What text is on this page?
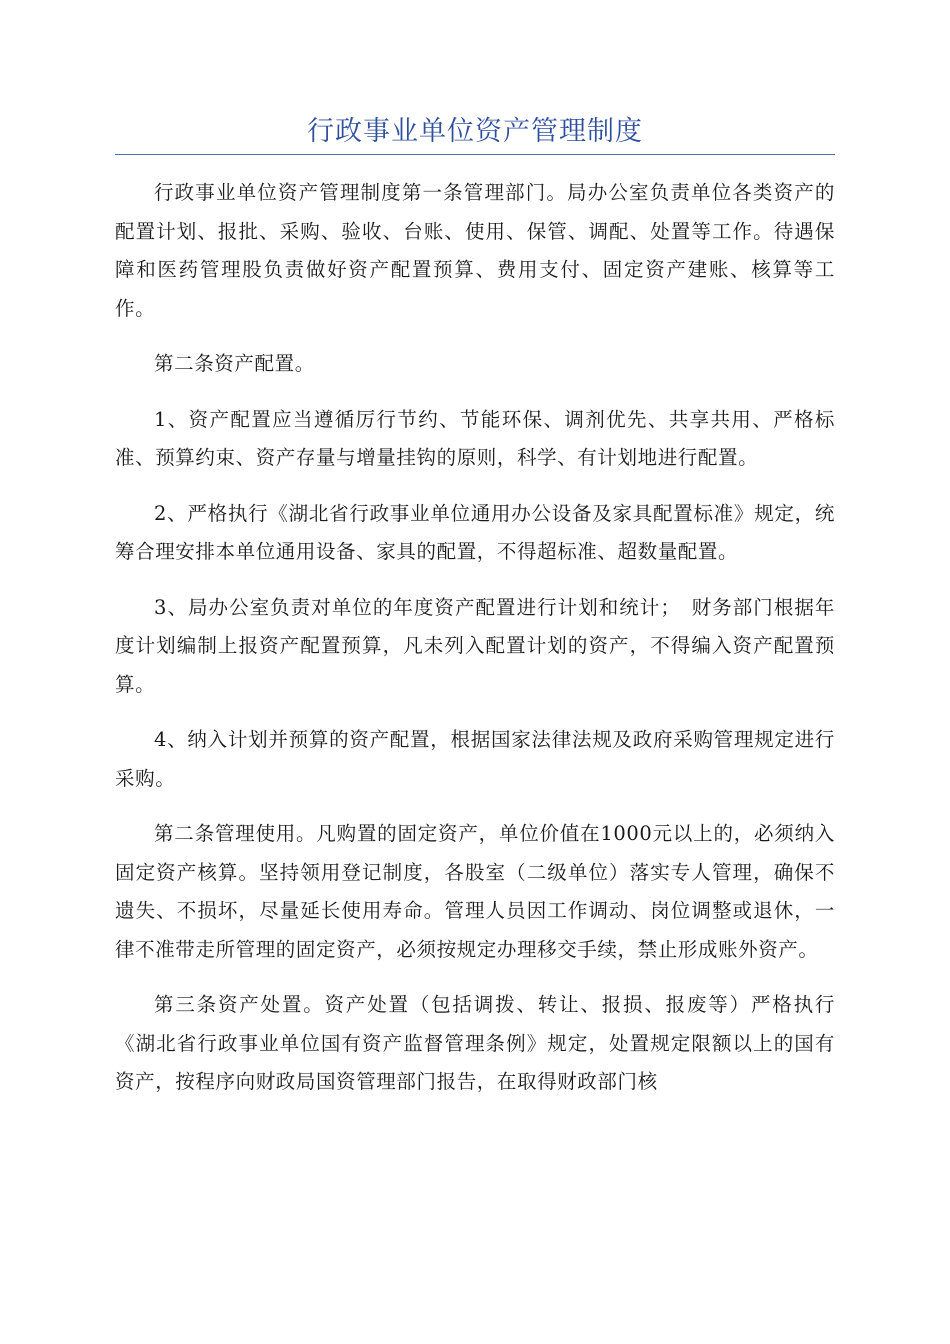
行政事业单位资产管理制度

行政事业单位资产管理制度第一条管理部门。局办公室负责单位各类资产的配置计划、报批、采购、验收、台账、使用、保管、调配、处置等工作。待遇保障和医药管理股负责做好资产配置预算、费用支付、固定资产建账、核算等工作。

第二条资产配置。

1、资产配置应当遵循厉行节约、节能环保、调剂优先、共享共用、严格标准、预算约束、资产存量与增量挂钩的原则，科学、有计划地进行配置。

2、严格执行《湖北省行政事业单位通用办公设备及家具配置标准》规定，统筹合理安排本单位通用设备、家具的配置，不得超标准、超数量配置。

3、局办公室负责对单位的年度资产配置进行计划和统计；　财务部门根据年度计划编制上报资产配置预算，凡未列入配置计划的资产，不得编入资产配置预算。

4、纳入计划并预算的资产配置，根据国家法律法规及政府采购管理规定进行采购。

第二条管理使用。凡购置的固定资产，单位价值在1000元以上的，必须纳入固定资产核算。坚持领用登记制度，各股室（二级单位）落实专人管理，确保不遗失、不损坏，尽量延长使用寿命。管理人员因工作调动、岗位调整或退休，一律不准带走所管理的固定资产，必须按规定办理移交手续，禁止形成账外资产。

第三条资产处置。资产处置（包括调拨、转让、报损、报废等）严格执行《湖北省行政事业单位国有资产监督管理条例》规定，处置规定限额以上的国有资产，按程序向财政局国资管理部门报告，在取得财政部门核
